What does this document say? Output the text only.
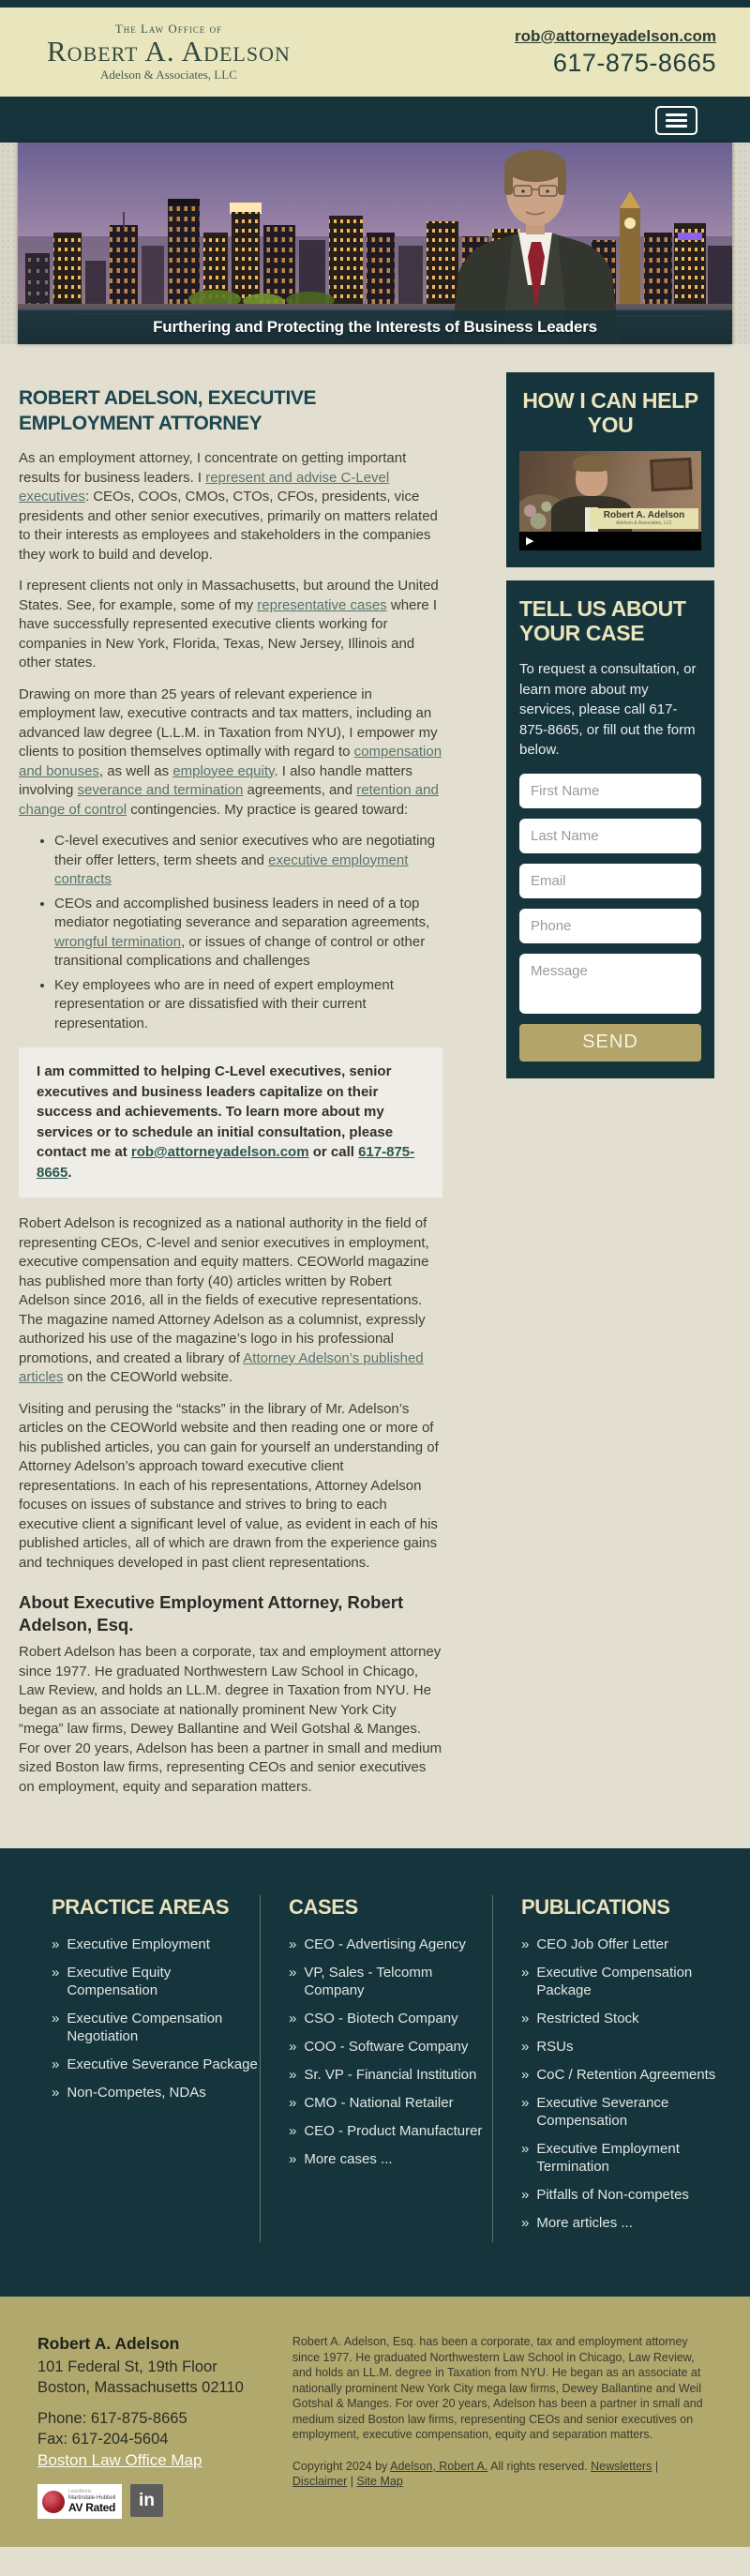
The Law Office of
Robert A. Adelson
Adelson & Associates, LLC
rob@attorneyadelson.com
617-875-8665
Furthering and Protecting the Interests of Business Leaders
ROBERT ADELSON, EXECUTIVE EMPLOYMENT ATTORNEY

As an employment attorney, I concentrate on getting important results for business leaders. I represent and advise C-Level executives: CEOs, COOs, CMOs, CTOs, CFOs, presidents, vice presidents and other senior executives, primarily on matters related to their interests as employees and stakeholders in the companies they work to build and develop.

I represent clients not only in Massachusetts, but around the United States. See, for example, some of my representative cases where I have successfully represented executive clients working for companies in New York, Florida, Texas, New Jersey, Illinois and other states.

Drawing on more than 25 years of relevant experience in employment law, executive contracts and tax matters, including an advanced law degree (L.L.M. in Taxation from NYU), I empower my clients to position themselves optimally with regard to compensation and bonuses, as well as employee equity. I also handle matters involving severance and termination agreements, and retention and change of control contingencies. My practice is geared toward:

• C-level executives and senior executives who are negotiating their offer letters, term sheets and executive employment contracts
• CEOs and accomplished business leaders in need of a top mediator negotiating severance and separation agreements, wrongful termination, or issues of change of control or other transitional complications and challenges
• Key employees who are in need of expert employment representation or are dissatisfied with their current representation.
I am committed to helping C-Level executives, senior executives and business leaders capitalize on their success and achievements. To learn more about my services or to schedule an initial consultation, please contact me at rob@attorneyadelson.com or call 617-875-8665.

Robert Adelson is recognized as a national authority in the field of representing CEOs, C-level and senior executives in employment, executive compensation and equity matters. CEOWorld magazine has published more than forty (40) articles written by Robert Adelson since 2016, all in the fields of executive representations. The magazine named Attorney Adelson as a columnist, expressly authorized his use of the magazine’s logo in his professional promotions, and created a library of Attorney Adelson’s published articles on the CEOWorld website.

Visiting and perusing the “stacks” in the library of Mr. Adelson’s articles on the CEOWorld website and then reading one or more of his published articles, you can gain for yourself an understanding of Attorney Adelson’s approach toward executive client representations. In each of his representations, Attorney Adelson focuses on issues of substance and strives to bring to each executive client a significant level of value, as evident in each of his published articles, all of which are drawn from the experience gains and techniques developed in past client representations.

About Executive Employment Attorney, Robert Adelson, Esq.

Robert Adelson has been a corporate, tax and employment attorney since 1977. He graduated Northwestern Law School in Chicago, Law Review, and holds an LL.M. degree in Taxation from NYU. He began as an associate at nationally prominent New York City “mega” law firms, Dewey Ballantine and Weil Gotshal & Manges. For over 20 years, Adelson has been a partner in small and medium sized Boston law firms, representing CEOs and senior executives on employment, equity and separation matters.

HOW I CAN HELP YOU
Robert A. Adelson
Adelson & Associates, LLC
▶
TELL US ABOUT YOUR CASE
To request a consultation, or learn more about my services, please call 617-875-8665, or fill out the form below.
First Name
Last Name
Email
Phone
Message
SEND
PRACTICE AREAS
» Executive Employment
» Executive Equity Compensation
» Executive Compensation Negotiation
» Executive Severance Package
» Non-Competes, NDAs
CASES
» CEO - Advertising Agency
» VP, Sales - Telcomm Company
» CSO - Biotech Company
» COO - Software Company
» Sr. VP - Financial Institution
» CMO - National Retailer
» CEO - Product Manufacturer
» More cases ...
PUBLICATIONS
» CEO Job Offer Letter
» Executive Compensation Package
» Restricted Stock
» RSUs
» CoC / Retention Agreements
» Executive Severance Compensation
» Executive Employment Termination
» Pitfalls of Non-competes
» More articles ...
Robert A. Adelson
101 Federal St, 19th Floor
Boston, Massachusetts 02110
Phone: 617-875-8665
Fax: 617-204-5604
Boston Law Office Map
LexisNexis
Martindale-Hubbell
AV Rated	in
Robert A. Adelson, Esq. has been a corporate, tax and employment attorney since 1977. He graduated Northwestern Law School in Chicago, Law Review, and holds an LL.M. degree in Taxation from NYU. He began as an associate at nationally prominent New York City mega law firms, Dewey Ballantine and Weil Gotshal & Manges. For over 20 years, Adelson has been a partner in small and medium sized Boston law firms, representing CEOs and senior executives on employment, executive compensation, equity and separation matters.
Copyright 2024 by Adelson, Robert A. All rights reserved. Newsletters | Disclaimer | Site Map
